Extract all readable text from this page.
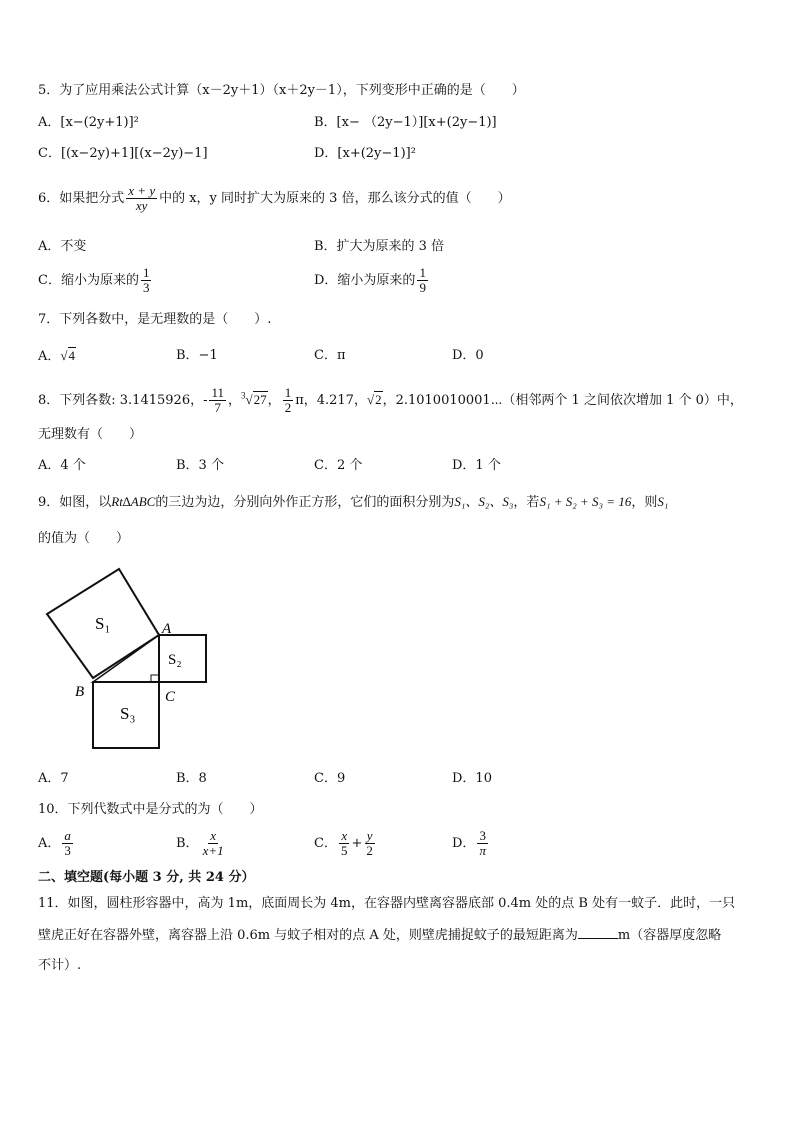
5．为了应用乘法公式计算（x－2y＋1）（x＋2y－1），下列变形中正确的是（　　）
A．[x−(2y+1)]²	B．[x− （2y−1）][x+(2y−1)]
C．[(x−2y)+1][(x−2y)−1]	D．[x+(2y−1)]²
6．如果把分式 $\frac{x + y}{xy}$ 中的 x，y 同时扩大为原来的 3 倍，那么该分式的值（　　）
A．不变	B．扩大为原来的 3 倍
C．缩小为原来的 $\frac{1}{3}$	D．缩小为原来的 $\frac{1}{9}$
7．下列各数中，是无理数的是（　　）.
A．√4	B．−1	C．π	D．0
8．下列各数: 3.1415926，- $\frac{11}{7}$ ，$^3$√27， $\frac{1}{2}$ π，4.217，√2，2.1010010001⋯（相邻两个 1 之间依次增加 1 个 0）中，
无理数有（　　）
A．4 个	B．3 个	C．2 个	D．1 个
9．如图，以Rt∆ABC的三边为边，分别向外作正方形，它们的面积分别为S₁、S₂、S₃，若S₁ + S₂ + S₃ = 16，则S₁
的值为（　　）
S₁
S₂
S₃
A
B	C
A．7	B．8	C．9	D．10
10．下列代数式中是分式的为（　　）
A． $\frac{a}{3}$	B． $\frac{x}{x+1}$	C． $\frac{x}{5} + \frac{y}{2}$	D． $\frac{3}{\pi}$
二、填空题(每小题 3 分, 共 24 分）
11．如图，圆柱形容器中，高为 1m，底面周长为 4m，在容器内壁离容器底部 0.4m 处的点 B 处有一蚊子．此时，一只
壁虎正好在容器外壁，离容器上沿 0.6m 与蚊子相对的点 A 处，则壁虎捕捉蚊子的最短距离为	m（容器厚度忽略
不计）.
